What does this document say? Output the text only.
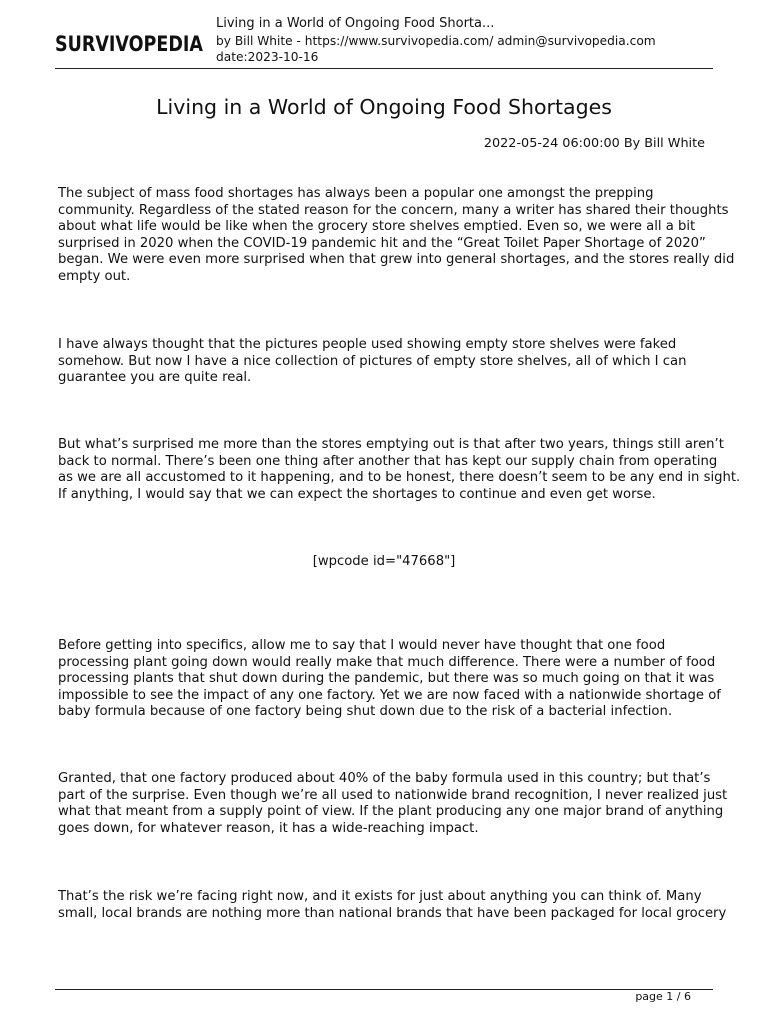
SURVIVOPEDIA
Living in a World of Ongoing Food Shorta...
by Bill White - https://www.survivopedia.com/ admin@survivopedia.com
date:2023-10-16
Living in a World of Ongoing Food Shortages
2022-05-24 06:00:00 By Bill White
The subject of mass food shortages has always been a popular one amongst the prepping
community. Regardless of the stated reason for the concern, many a writer has shared their thoughts
about what life would be like when the grocery store shelves emptied. Even so, we were all a bit
surprised in 2020 when the COVID-19 pandemic hit and the “Great Toilet Paper Shortage of 2020”
began. We were even more surprised when that grew into general shortages, and the stores really did
empty out.
I have always thought that the pictures people used showing empty store shelves were faked
somehow. But now I have a nice collection of pictures of empty store shelves, all of which I can
guarantee you are quite real.
But what’s surprised me more than the stores emptying out is that after two years, things still aren’t
back to normal. There’s been one thing after another that has kept our supply chain from operating
as we are all accustomed to it happening, and to be honest, there doesn’t seem to be any end in sight.
If anything, I would say that we can expect the shortages to continue and even get worse.
[wpcode id="47668"]
Before getting into specifics, allow me to say that I would never have thought that one food
processing plant going down would really make that much difference. There were a number of food
processing plants that shut down during the pandemic, but there was so much going on that it was
impossible to see the impact of any one factory. Yet we are now faced with a nationwide shortage of
baby formula because of one factory being shut down due to the risk of a bacterial infection.
Granted, that one factory produced about 40% of the baby formula used in this country; but that’s
part of the surprise. Even though we’re all used to nationwide brand recognition, I never realized just
what that meant from a supply point of view. If the plant producing any one major brand of anything
goes down, for whatever reason, it has a wide-reaching impact.
That’s the risk we’re facing right now, and it exists for just about anything you can think of. Many
small, local brands are nothing more than national brands that have been packaged for local grocery
page 1 / 6
